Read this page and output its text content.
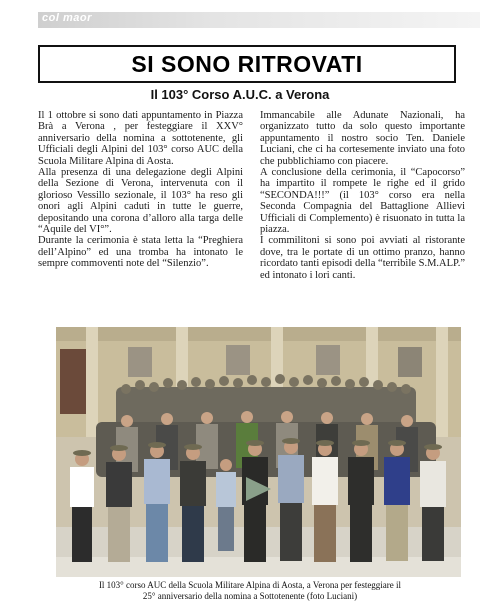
col maor
SI SONO RITROVATI
Il 103° Corso A.U.C. a Verona

Il 1 ottobre si sono dati appuntamento in Piazza Brà a Verona , per festeggiare il XXV° anniversario della nomina a sottotenente, gli Ufficiali degli Alpini del 103° corso AUC della Scuola Militare Alpina di Aosta.

Alla presenza di una delegazione degli Alpini della Sezione di Verona, intervenuta con il glorioso Vessillo sezionale, il 103° ha reso gli onori agli Alpini caduti in tutte le guerre, depositando una corona d’alloro alla targa delle “Aquile del VI°”.

Durante la cerimonia è stata letta la “Preghiera dell’Alpino” ed una tromba ha intonato le sempre commoventi note del “Silenzio”.

Immancabile alle Adunate Nazionali, ha organizzato tutto da solo questo importante appuntamento il nostro socio Ten. Daniele Luciani, che ci ha cortesemente inviato una foto che pubblichiamo con piacere.

A conclusione della cerimonia, il “Capocorso” ha impartito il rompete le righe ed il grido “SECONDA!!!” (il 103° corso era nella Seconda Compagnia del Battaglione Allievi Ufficiali di Complemento) è risuonato in tutta la piazza.

I commilitoni si sono poi avviati al ristorante dove, tra le portate di un ottimo pranzo, hanno ricordato tanti episodi della “terribile S.M.ALP.” ed intonato i lori canti.

Il 103° corso AUC della Scuola Militare Alpina di Aosta, a Verona per festeggiare il
25° anniversario della nomina a Sottotenente (foto Luciani)
